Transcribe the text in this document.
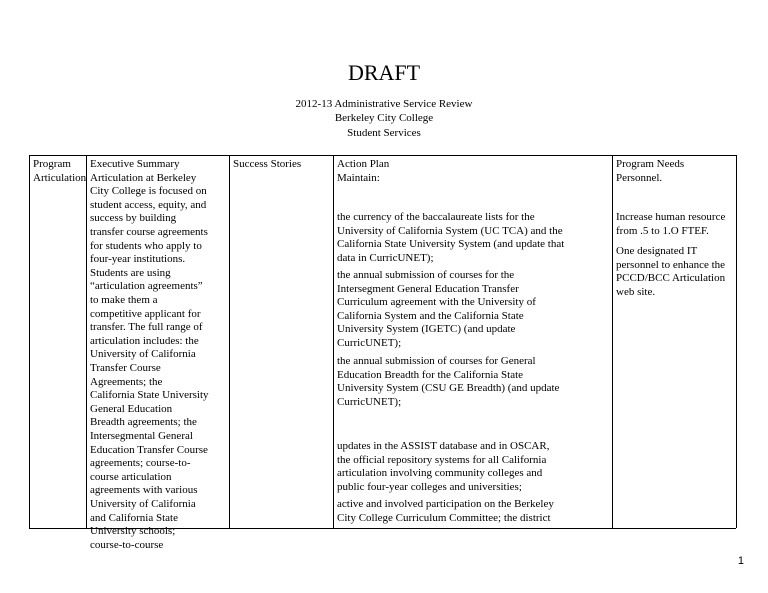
DRAFT
2012-13 Administrative Service Review
Berkeley City College
Student Services
Program
Articulation
Executive Summary
Articulation at Berkeley
City College is focused on
student access, equity, and
success by building
transfer course agreements
for students who apply to
four-year institutions.
Students are using
“articulation agreements”
to make them a
competitive applicant for
transfer. The full range of
articulation includes: the
University of California
Transfer Course
Agreements; the
California State University
General Education
Breadth agreements; the
Intersegmental General
Education Transfer Course
agreements; course-to-
course articulation
agreements with various
University of California
and California State
University schools;
course-to-course
Success Stories	Action Plan
Maintain:
the currency of the baccalaureate lists for the
University of California System (UC TCA) and the
California State University System (and update that
data in CurricUNET);
the annual submission of courses for the
Intersegment General Education Transfer
Curriculum agreement with the University of
California System and the California State
University System (IGETC) (and update
CurricUNET);
the annual submission of courses for General
Education Breadth for the California State
University System (CSU GE Breadth) (and update
CurricUNET);
updates in the ASSIST database and in OSCAR,
the official repository systems for all California
articulation involving community colleges and
public four-year colleges and universities;
active and involved participation on the Berkeley
City College Curriculum Committee; the district
Program Needs
Personnel.
Increase human resource
from .5 to 1.O FTEF.
One designated IT
personnel to enhance the
PCCD/BCC Articulation
web site.
1
